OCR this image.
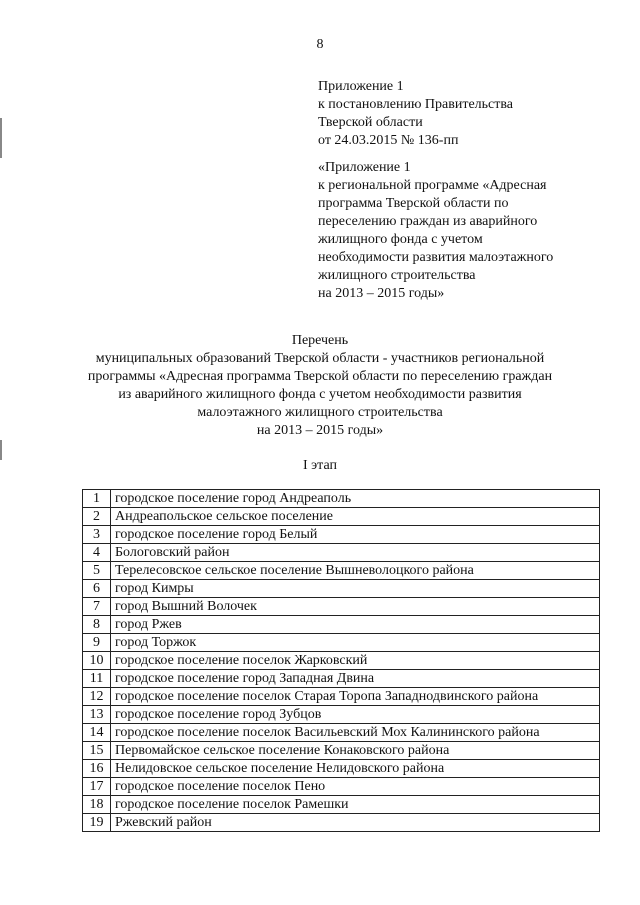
8
Приложение 1
к постановлению Правительства
Тверской области
от 24.03.2015 № 136-пп
«Приложение 1
к региональной программе «Адресная
программа Тверской области по
переселению граждан из аварийного
жилищного фонда с учетом
необходимости развития малоэтажного
жилищного строительства
на 2013 – 2015 годы»
Перечень
муниципальных образований Тверской области - участников региональной
программы «Адресная программа Тверской области по переселению граждан
из аварийного жилищного фонда с учетом необходимости развития
малоэтажного жилищного строительства
на 2013 – 2015 годы»
I этап
1	городское поселение город Андреаполь
2	Андреапольское сельское поселение
3	городское поселение город Белый
4	Бологовский район
5	Терелесовское сельское поселение Вышневолоцкого района
6	город Кимры
7	город Вышний Волочек
8	город Ржев
9	город Торжок
10	городское поселение поселок Жарковский
11	городское поселение город Западная Двина
12	городское поселение поселок Старая Торопа Западнодвинского района
13	городское поселение город Зубцов
14	городское поселение поселок Васильевский Мох Калининского района
15	Первомайское сельское поселение Конаковского района
16	Нелидовское сельское поселение Нелидовского района
17	городское поселение поселок Пено
18	городское поселение поселок Рамешки
19	Ржевский район
